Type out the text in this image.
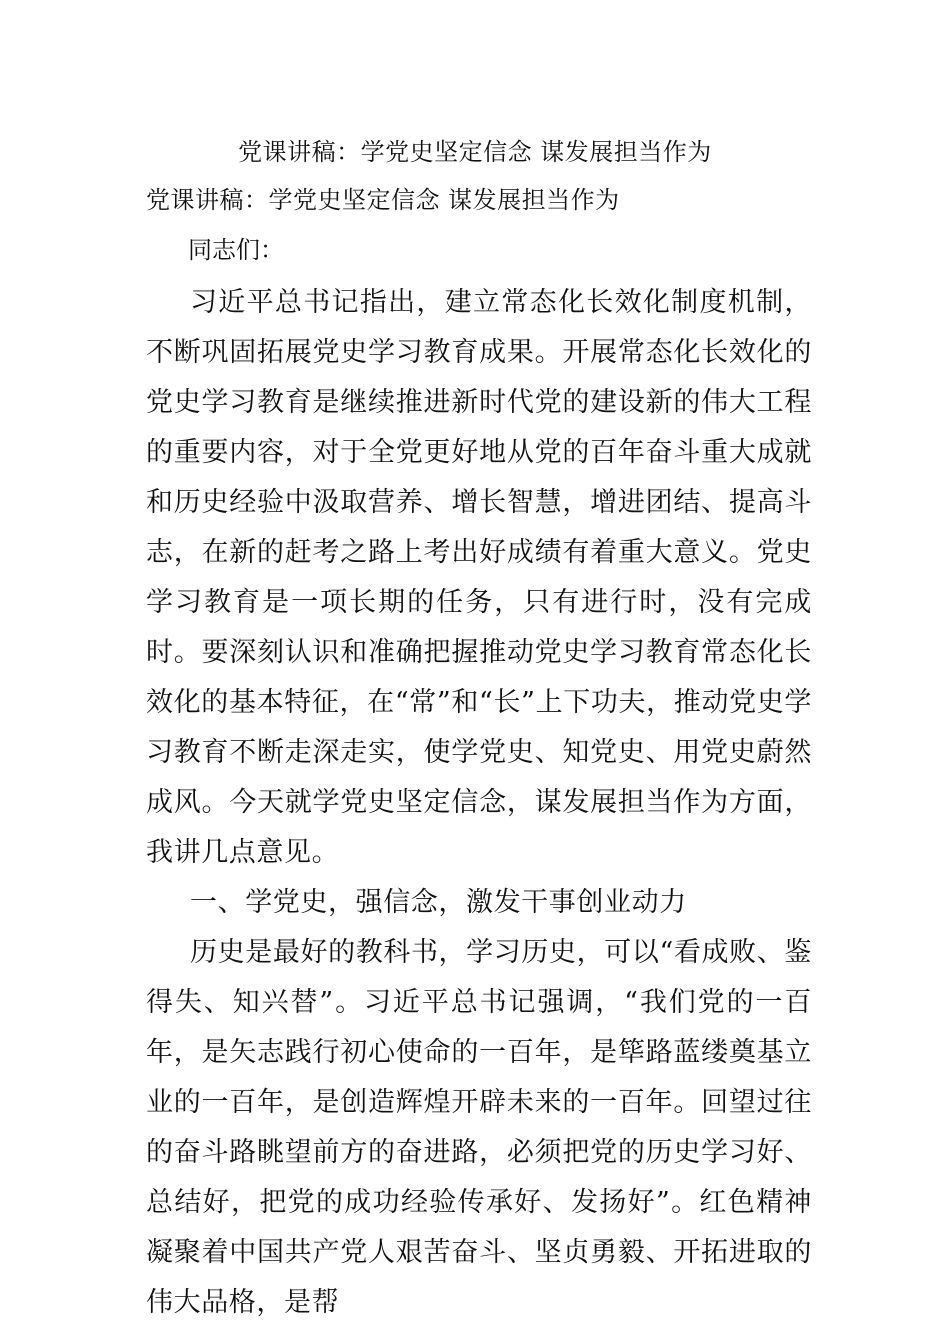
党课讲稿：学党史坚定信念 谋发展担当作为
党课讲稿：学党史坚定信念 谋发展担当作为
同志们：

习近平总书记指出，建立常态化长效化制度机制，不断巩固拓展党史学习教育成果。开展常态化长效化的党史学习教育是继续推进新时代党的建设新的伟大工程的重要内容，对于全党更好地从党的百年奋斗重大成就和历史经验中汲取营养、增长智慧，增进团结、提高斗志，在新的赶考之路上考出好成绩有着重大意义。党史学习教育是一项长期的任务，只有进行时，没有完成时。要深刻认识和准确把握推动党史学习教育常态化长效化的基本特征，在“常”和“长”上下功夫，推动党史学习教育不断走深走实，使学党史、知党史、用党史蔚然成风。今天就学党史坚定信念，谋发展担当作为方面，我讲几点意见。

一、学党史，强信念，激发干事创业动力

历史是最好的教科书，学习历史，可以“看成败、鉴得失、知兴替”。习近平总书记强调，“我们党的一百年，是矢志践行初心使命的一百年，是筚路蓝缕奠基立业的一百年，是创造辉煌开辟未来的一百年。回望过往的奋斗路眺望前方的奋进路，必须把党的历史学习好、总结好，把党的成功经验传承好、发扬好”。红色精神凝聚着中国共产党人艰苦奋斗、坚贞勇毅、开拓进取的伟大品格，是帮
